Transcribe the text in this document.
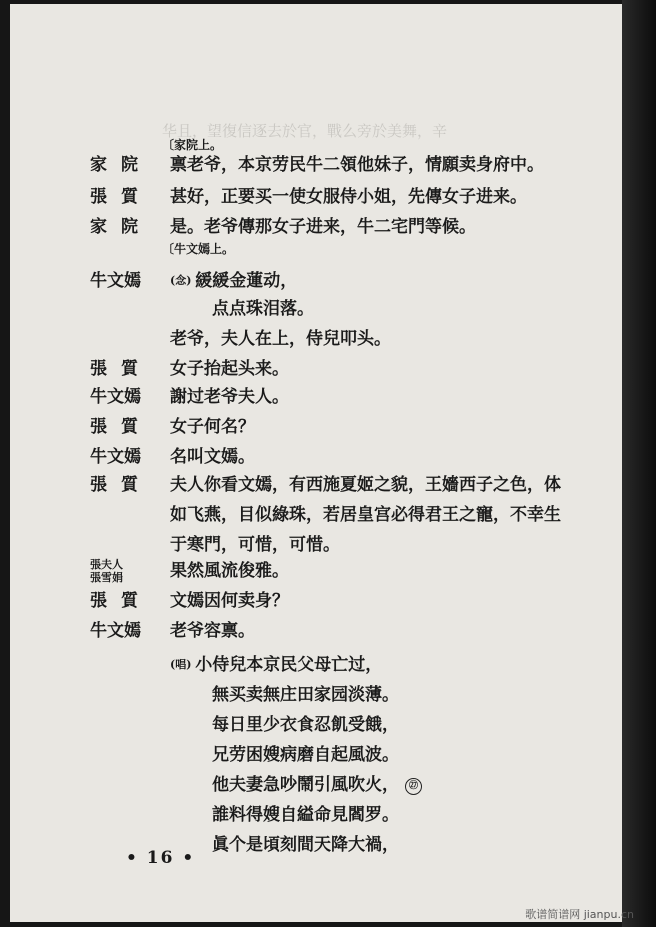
华且，望復信逐去於官，戰么旁於美舞，辛
〔家院上。
家院	禀老爷，本京劳民牛二領他妹子，情願卖身府中。
張質	甚好，正要买一使女服侍小姐，先傳女子进来。
家院	是。老爷傳那女子进来，牛二宅門等候。
牛文嫣	(念) 緩緩金蓮动，
点点珠泪落。
老爷，夫人在上，侍兒叩头。
張質	女子抬起头来。
牛文嫣	謝过老爷夫人。
張質	女子何名？
牛文嫣	名叫文嫣。
張質	夫人你看文嫣，有西施夏姬之貌，王嬙西子之色，体
如飞燕，目似綠珠，若居皇宫必得君王之寵，不幸生
于寒門，可惜，可惜。
張夫人
張雪娟	果然風流俊雅。
張質	文嫣因何卖身？
牛文嫣	老爷容禀。
(唱) 小侍兒本京民父母亡过，
無买卖無庄田家园淡薄。
每日里少衣食忍飢受餓，
兄劳困嫂病磨自起風波。
他夫妻急吵鬧引風吹火， ㉗
誰料得嫂自縊命見閻罗。
眞个是頃刻間天降大禍，
〔牛文嫣上。
• 16 •
歌谱简谱网 jianpu.cn
